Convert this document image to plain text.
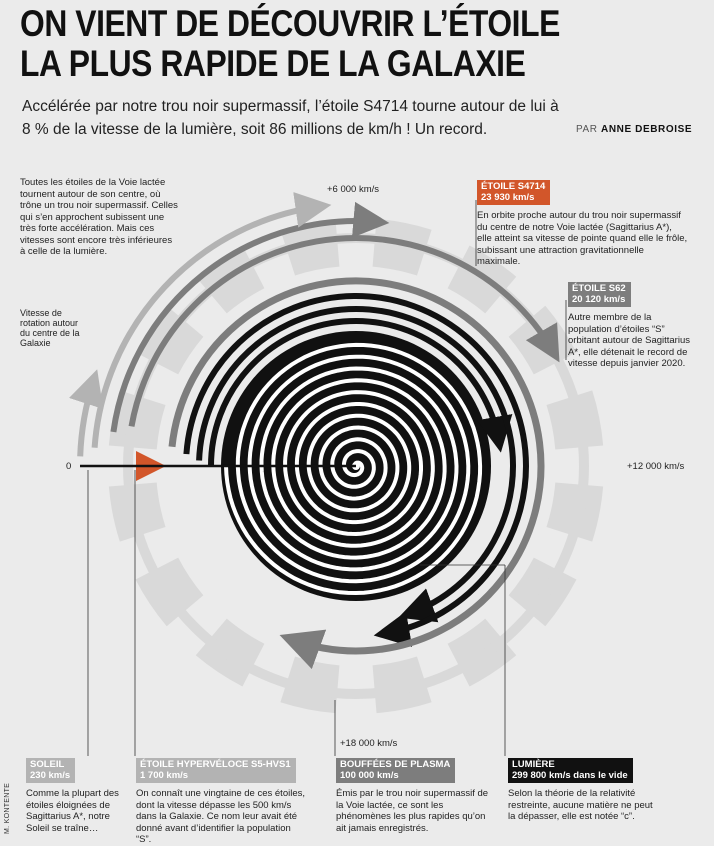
ON VIENT DE DÉCOUVRIR L’ÉTOILE
LA PLUS RAPIDE DE LA GALAXIE

Accélérée par notre trou noir supermassif, l’étoile S4714 tourne autour de lui à 8 % de la vitesse de la lumière, soit 86 millions de km/h ! Un record.	PAR ANNE DEBROISE

Toutes les étoiles de la Voie lactée tournent autour de son centre, où trône un trou noir supermassif. Celles qui s’en approchent subissent une très forte accélération. Mais ces vitesses sont encore très inférieures à celle de la lumière.

Vitesse de rotation autour du centre de la Galaxie

0
+6 000 km/s
+12 000 km/s
+18 000 km/s
ÉTOILE S4714
23 930 km/s

En orbite proche autour du trou noir supermassif du centre de notre Voie lactée (Sagittarius A*), elle atteint sa vitesse de pointe quand elle le frôle, subissant une attraction gravitationnelle maximale.

ÉTOILE S62
20 120 km/s

Autre membre de la population d’étoiles “S” orbitant autour de Sagittarius A*, elle détenait le record de vitesse depuis janvier 2020.

SOLEIL
230 km/s

Comme la plupart des étoiles éloignées de Sagittarius A*, notre Soleil se traîne…

ÉTOILE HYPERVÉLOCE S5-HVS1
1 700 km/s

On connaît une vingtaine de ces étoiles, dont la vitesse dépasse les 500 km/s dans la Galaxie. Ce nom leur avait été donné avant d’identifier la population “S”.

BOUFFÉES DE PLASMA
100 000 km/s

Émis par le trou noir supermassif de la Voie lactée, ce sont les phénomènes les plus rapides qu’on ait jamais enregistrés.

LUMIÈRE
299 800 km/s dans le vide

Selon la théorie de la relativité restreinte, aucune matière ne peut la dépasser, elle est notée “c”.

M. KONTENTE
